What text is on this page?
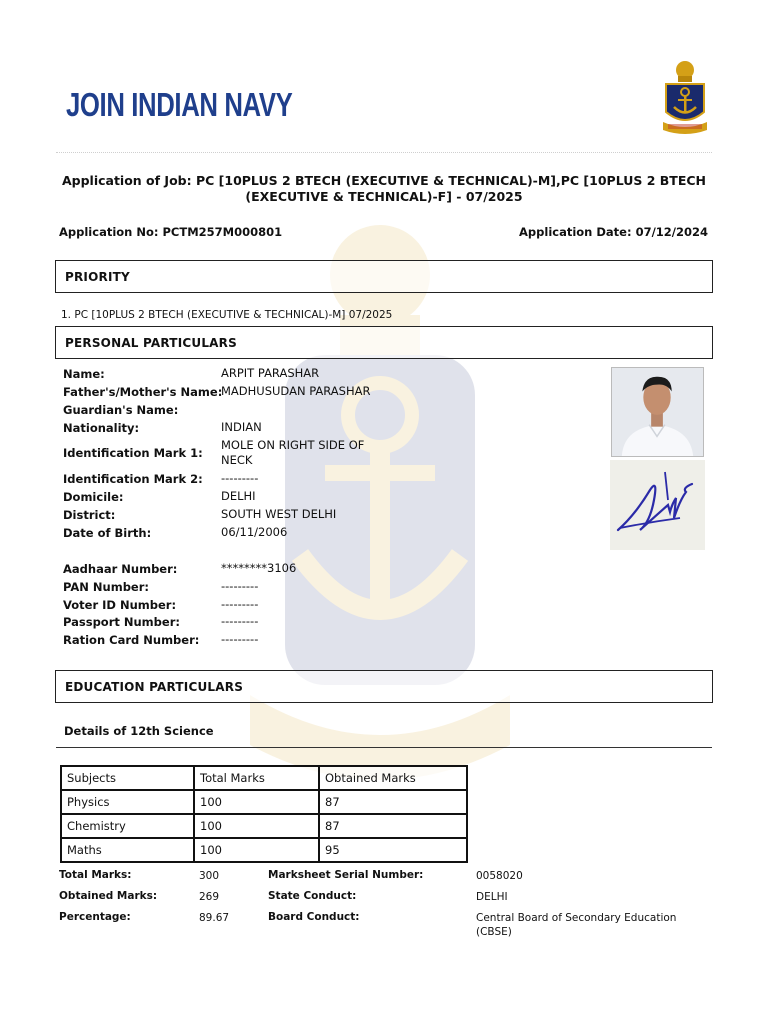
JOIN INDIAN NAVY
Application of Job: PC [10PLUS 2 BTECH (EXECUTIVE & TECHNICAL)-M],PC [10PLUS 2 BTECH (EXECUTIVE & TECHNICAL)-F] - 07/2025
Application No: PCTM257M000801	Application Date: 07/12/2024
PRIORITY
1. PC [10PLUS 2 BTECH (EXECUTIVE & TECHNICAL)-M] 07/2025
PERSONAL PARTICULARS
Name:	ARPIT PARASHAR
Father's/Mother's Name:
MADHUSUDAN PARASHAR
Guardian's Name:
Nationality:	INDIAN
Identification Mark 1:
MOLE ON RIGHT SIDE OF NECK
Identification Mark 2: ---------
Domicile:	DELHI
District:	SOUTH WEST DELHI
Date of Birth:	06/11/2006
Aadhaar Number:	********3106
PAN Number:	---------
Voter ID Number:	---------
Passport Number:	---------
Ration Card Number: ---------
EDUCATION PARTICULARS
Details of 12th Science
Subjects	Total Marks	Obtained Marks
Physics	100	87
Chemistry	100	87
Maths	100	95
Total Marks:	300	Marksheet Serial Number:	0058020
Obtained Marks:	269	State Conduct:	DELHI
Percentage:	89.67	Board Conduct:	Central Board of Secondary Education (CBSE)
